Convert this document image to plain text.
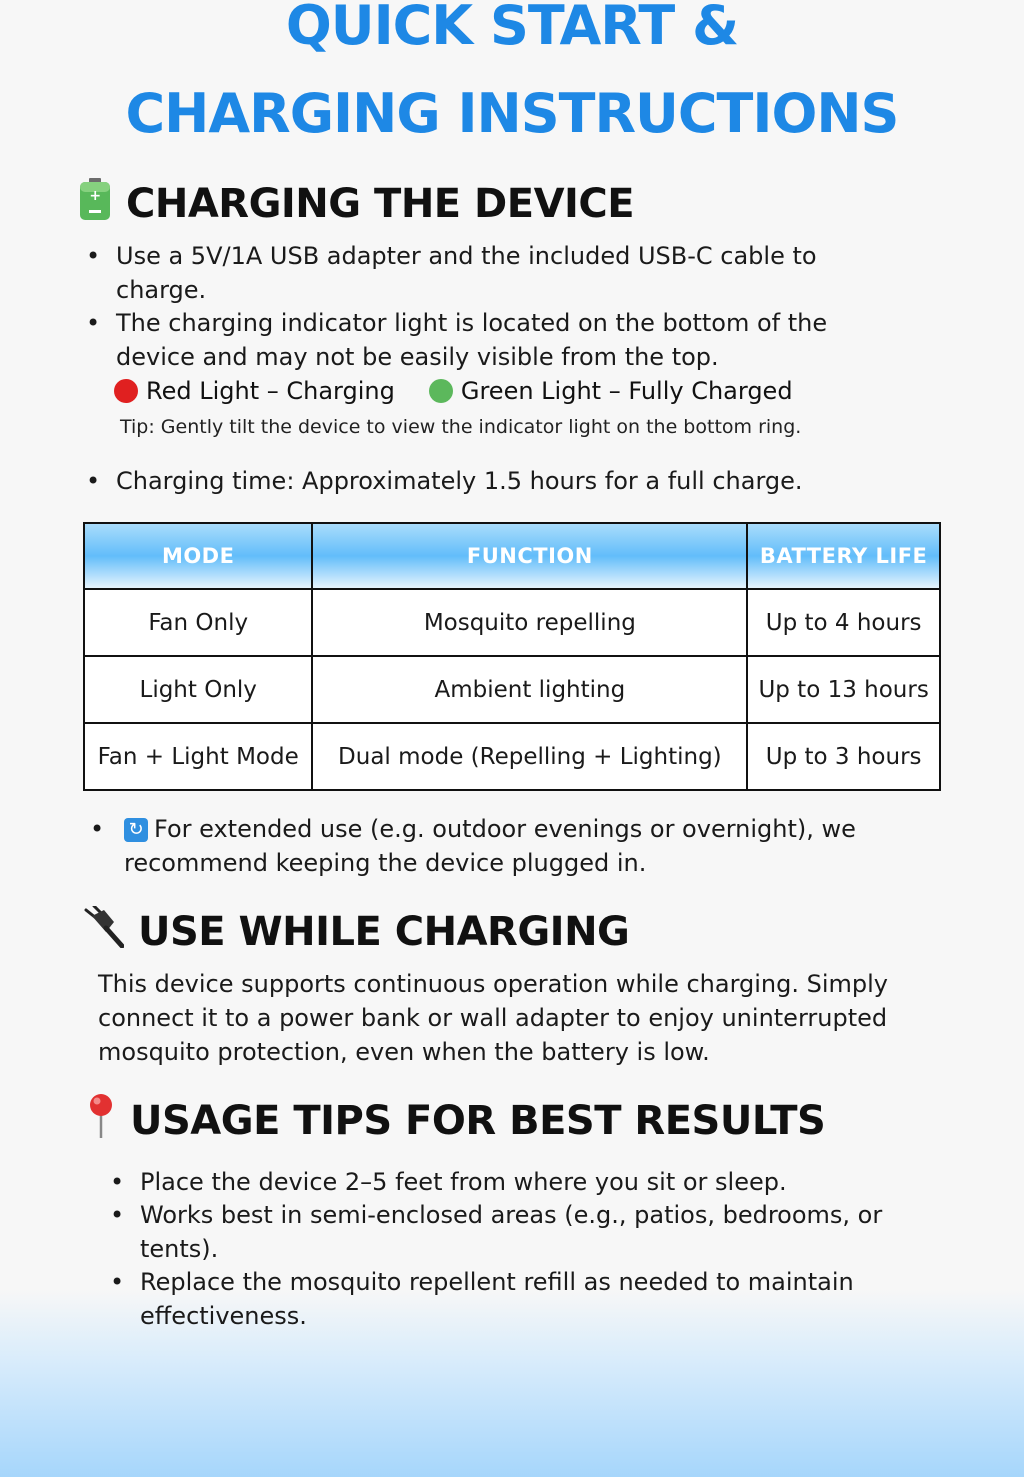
QUICK START &
CHARGING INSTRUCTIONS
+ CHARGING THE DEVICE
• Use a 5V/1A USB adapter and the included USB-C cable to charge.
• The charging indicator light is located on the bottom of the device and may not be easily visible from the top.
Red Light – Charging	Green Light – Fully Charged
Tip: Gently tilt the device to view the indicator light on the bottom ring.
• Charging time: Approximately 1.5 hours for a full charge.
MODE	FUNCTION	BATTERY LIFE
Fan Only	Mosquito repelling	Up to 4 hours
Light Only	Ambient lighting	Up to 13 hours
Fan + Light Mode	Dual mode (Repelling + Lighting)	Up to 3 hours
• ↻ For extended use (e.g. outdoor evenings or overnight), we recommend keeping the device plugged in.
USE WHILE CHARGING
This device supports continuous operation while charging. Simply connect it to a power bank or wall adapter to enjoy uninterrupted mosquito protection, even when the battery is low.
USAGE TIPS FOR BEST RESULTS
• Place the device 2–5 feet from where you sit or sleep.
• Works best in semi-enclosed areas (e.g., patios, bedrooms, or tents).
• Replace the mosquito repellent refill as needed to maintain effectiveness.
